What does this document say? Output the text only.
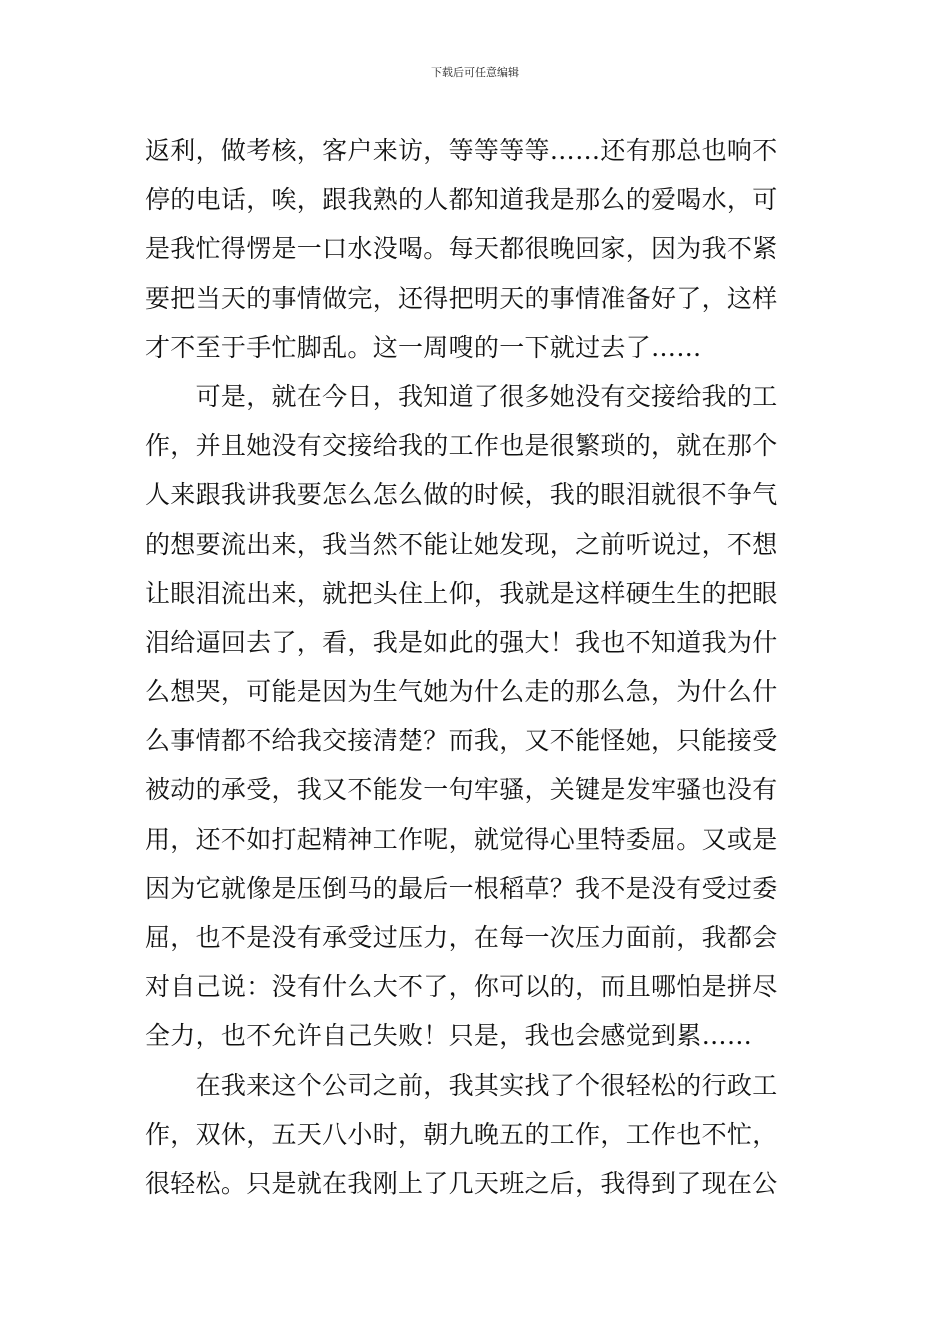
下载后可任意编辑
返利，做考核，客户来访，等等等等……还有那总也响不
停的电话，唉，跟我熟的人都知道我是那么的爱喝水，可
是我忙得愣是一口水没喝。每天都很晚回家，因为我不紧
要把当天的事情做完，还得把明天的事情准备好了，这样
才不至于手忙脚乱。这一周嗖的一下就过去了……
　　可是，就在今日，我知道了很多她没有交接给我的工
作，并且她没有交接给我的工作也是很繁琐的，就在那个
人来跟我讲我要怎么怎么做的时候，我的眼泪就很不争气
的想要流出来，我当然不能让她发现，之前听说过，不想
让眼泪流出来，就把头住上仰，我就是这样硬生生的把眼
泪给逼回去了，看，我是如此的强大！我也不知道我为什
么想哭，可能是因为生气她为什么走的那么急，为什么什
么事情都不给我交接清楚？而我，又不能怪她，只能接受
被动的承受，我又不能发一句牢骚，关键是发牢骚也没有
用，还不如打起精神工作呢，就觉得心里特委屈。又或是
因为它就像是压倒马的最后一根稻草？我不是没有受过委
屈，也不是没有承受过压力，在每一次压力面前，我都会
对自己说：没有什么大不了，你可以的，而且哪怕是拼尽
全力，也不允许自己失败！只是，我也会感觉到累……
　　在我来这个公司之前，我其实找了个很轻松的行政工
作，双休，五天八小时，朝九晚五的工作，工作也不忙，
很轻松。只是就在我刚上了几天班之后，我得到了现在公
